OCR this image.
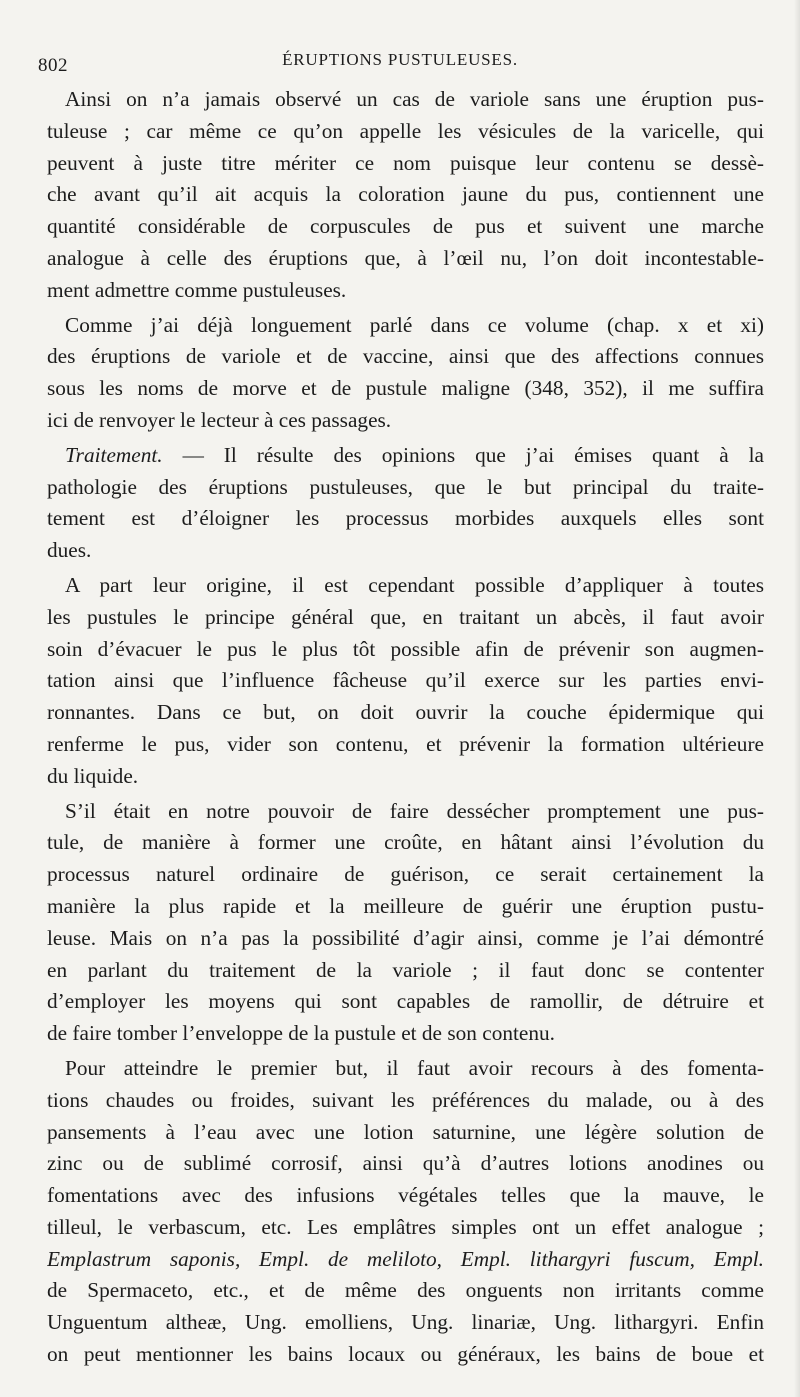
802	ÉRUPTIONS PUSTULEUSES.
Ainsi on n’a jamais observé un cas de variole sans une éruption pus-
tuleuse ; car même ce qu’on appelle les vésicules de la varicelle, qui
peuvent à juste titre mériter ce nom puisque leur contenu se dessè-
che avant qu’il ait acquis la coloration jaune du pus, contiennent une
quantité considérable de corpuscules de pus et suivent une marche
analogue à celle des éruptions que, à l’œil nu, l’on doit incontestable-
ment admettre comme pustuleuses.
Comme j’ai déjà longuement parlé dans ce volume (chap. x et xi)
des éruptions de variole et de vaccine, ainsi que des affections connues
sous les noms de morve et de pustule maligne (348, 352), il me suffira
ici de renvoyer le lecteur à ces passages.
Traitement. — Il résulte des opinions que j’ai émises quant à la
pathologie des éruptions pustuleuses, que le but principal du traite-
tement est d’éloigner les processus morbides auxquels elles sont
dues.
A part leur origine, il est cependant possible d’appliquer à toutes
les pustules le principe général que, en traitant un abcès, il faut avoir
soin d’évacuer le pus le plus tôt possible afin de prévenir son augmen-
tation ainsi que l’influence fâcheuse qu’il exerce sur les parties envi-
ronnantes. Dans ce but, on doit ouvrir la couche épidermique qui
renferme le pus, vider son contenu, et prévenir la formation ultérieure
du liquide.
S’il était en notre pouvoir de faire dessécher promptement une pus-
tule, de manière à former une croûte, en hâtant ainsi l’évolution du
processus naturel ordinaire de guérison, ce serait certainement la
manière la plus rapide et la meilleure de guérir une éruption pustu-
leuse. Mais on n’a pas la possibilité d’agir ainsi, comme je l’ai démontré
en parlant du traitement de la variole ; il faut donc se contenter
d’employer les moyens qui sont capables de ramollir, de détruire et
de faire tomber l’enveloppe de la pustule et de son contenu.
Pour atteindre le premier but, il faut avoir recours à des fomenta-
tions chaudes ou froides, suivant les préférences du malade, ou à des
pansements à l’eau avec une lotion saturnine, une légère solution de
zinc ou de sublimé corrosif, ainsi qu’à d’autres lotions anodines ou
fomentations avec des infusions végétales telles que la mauve, le
tilleul, le verbascum, etc. Les emplâtres simples ont un effet analogue ;
Emplastrum saponis, Empl. de meliloto, Empl. lithargyri fuscum, Empl.
de Spermaceto, etc., et de même des onguents non irritants comme
Unguentum altheæ, Ung. emolliens, Ung. linariæ, Ung. lithargyri. Enfin
on peut mentionner les bains locaux ou généraux, les bains de boue et
